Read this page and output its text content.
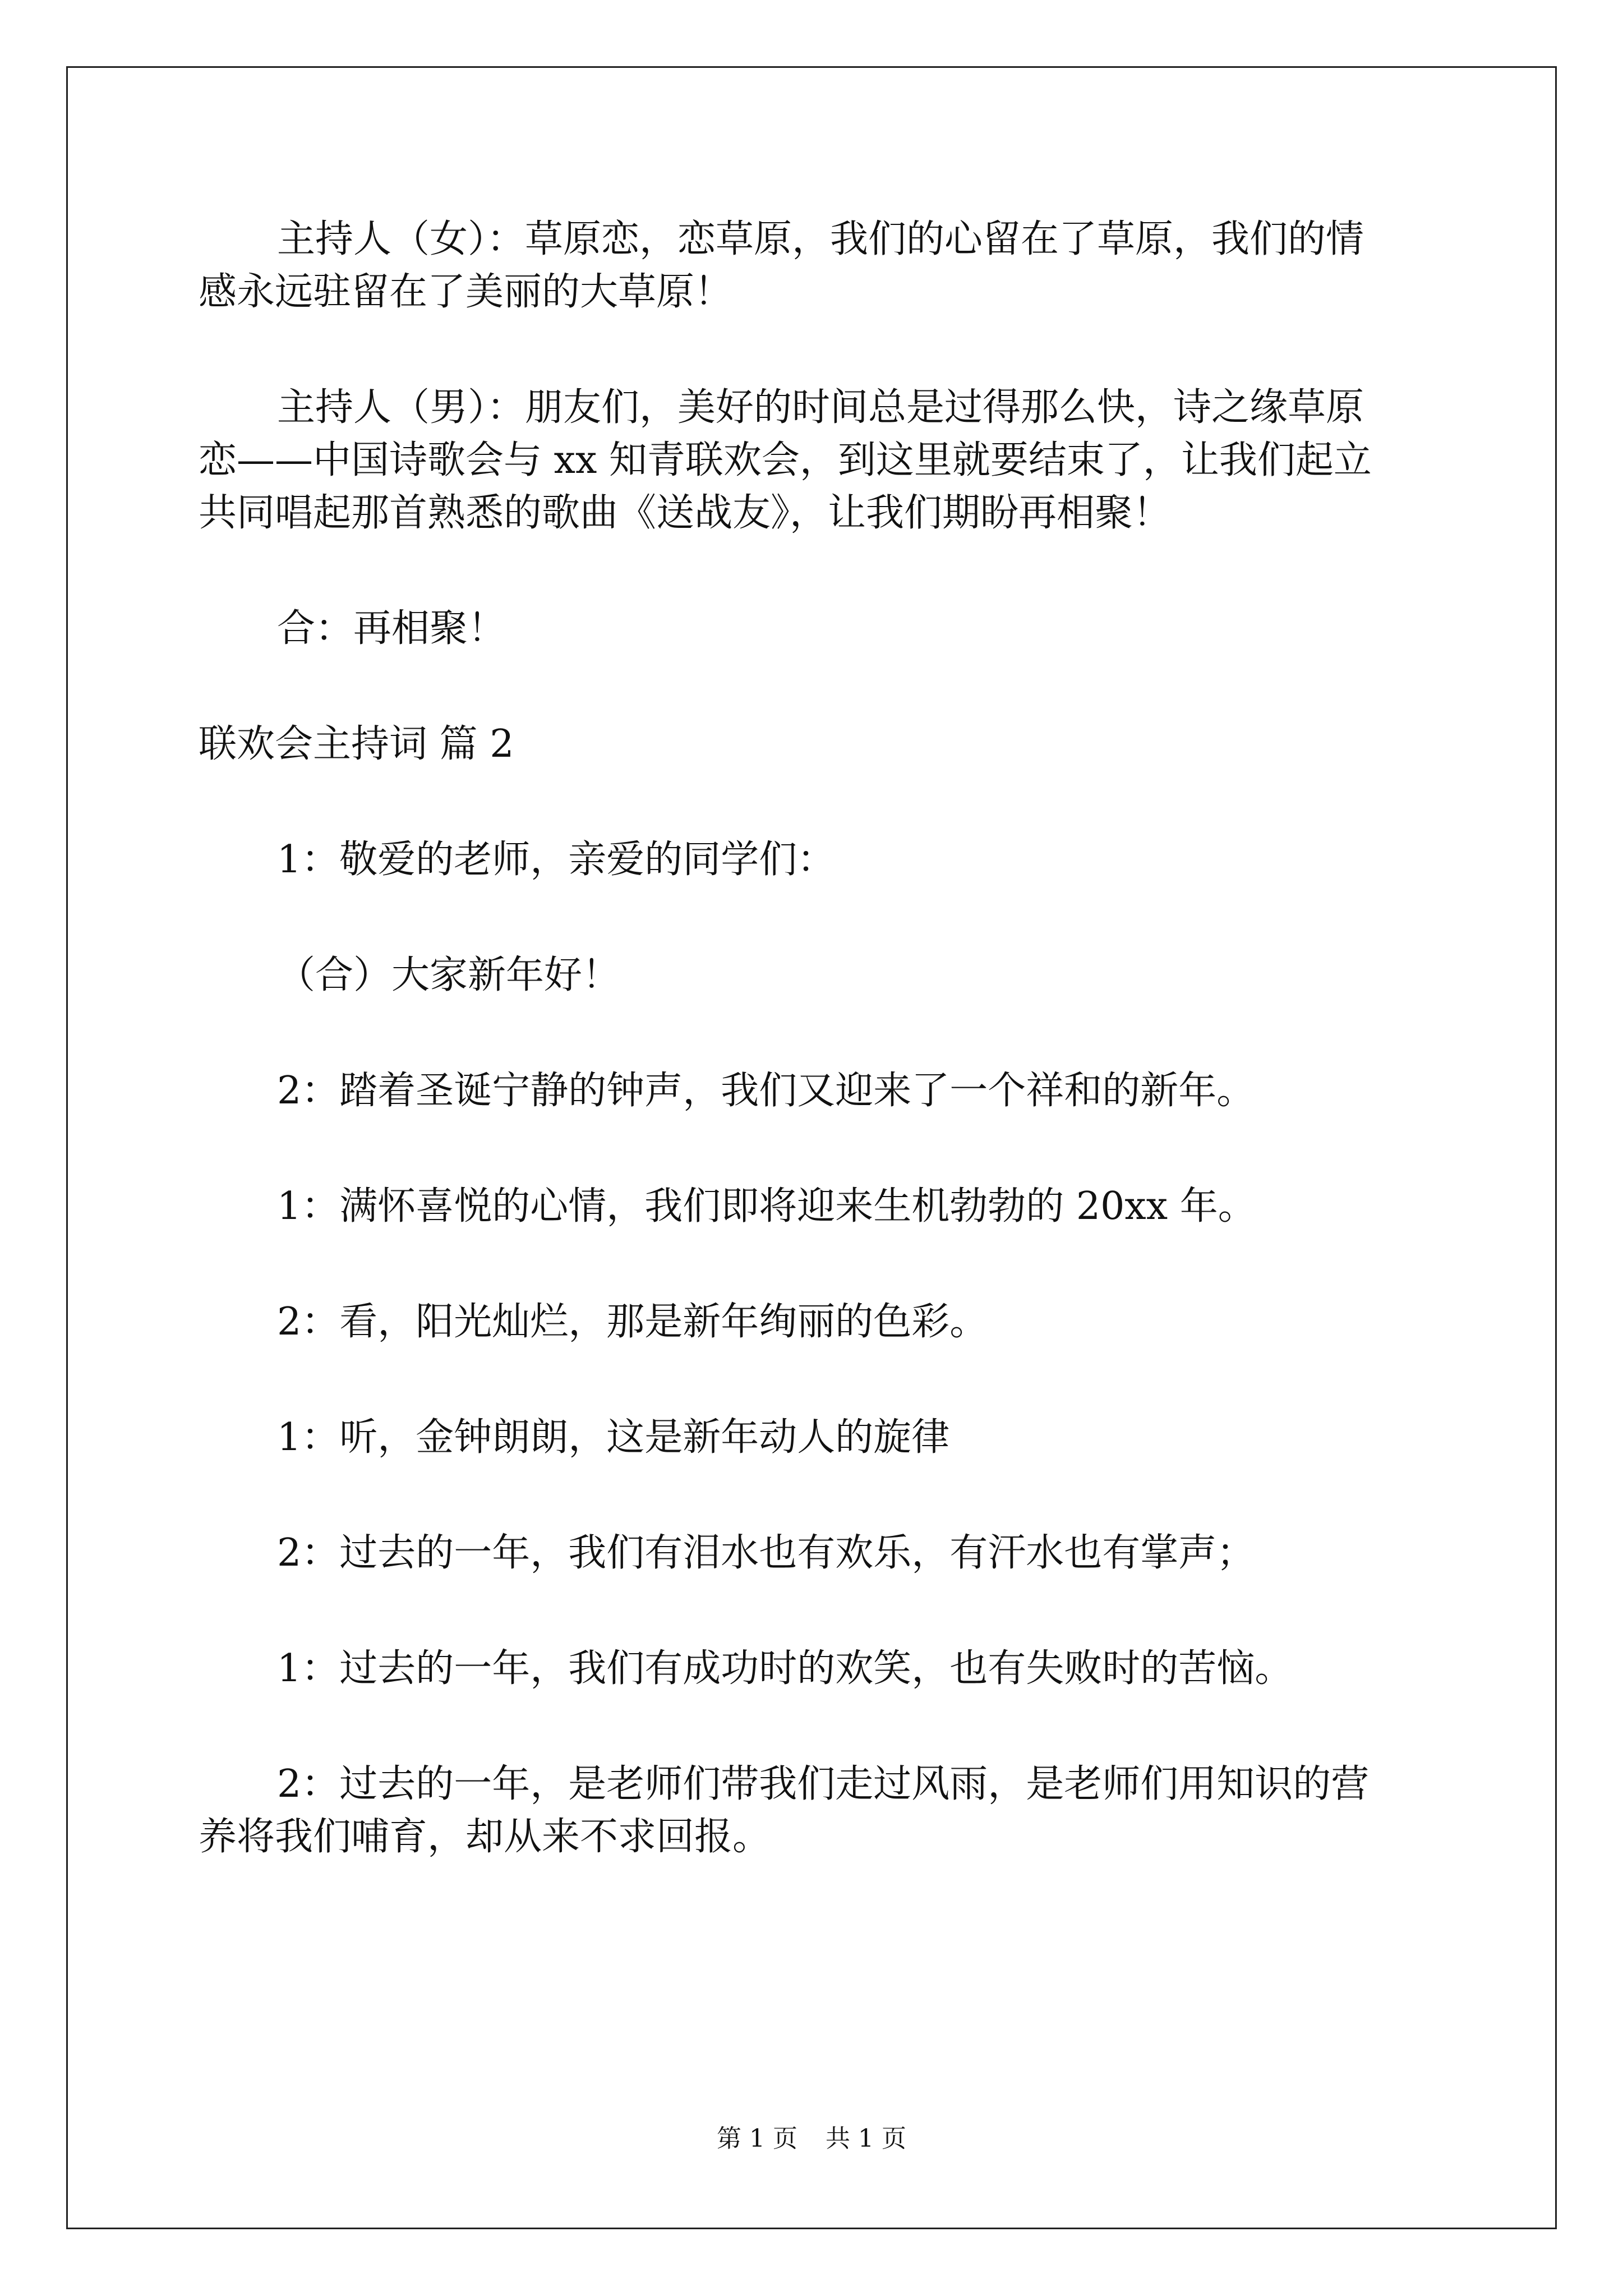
主持人（女）：草原恋，恋草原，我们的心留在了草原，我们的情

感永远驻留在了美丽的大草原！

主持人（男）：朋友们，美好的时间总是过得那么快，诗之缘草原

恋——中国诗歌会与 xx 知青联欢会，到这里就要结束了，让我们起立

共同唱起那首熟悉的歌曲《送战友》，让我们期盼再相聚！

合：再相聚！

联欢会主持词 篇 2

1：敬爱的老师，亲爱的同学们：

（合）大家新年好！

2：踏着圣诞宁静的钟声，我们又迎来了一个祥和的新年。

1：满怀喜悦的心情，我们即将迎来生机勃勃的 20xx 年。

2：看，阳光灿烂，那是新年绚丽的色彩。

1：听，金钟朗朗，这是新年动人的旋律

2：过去的一年，我们有泪水也有欢乐，有汗水也有掌声；

1：过去的一年，我们有成功时的欢笑，也有失败时的苦恼。

2：过去的一年，是老师们带我们走过风雨，是老师们用知识的营

养将我们哺育，却从来不求回报。

第 1 页 共 1 页
